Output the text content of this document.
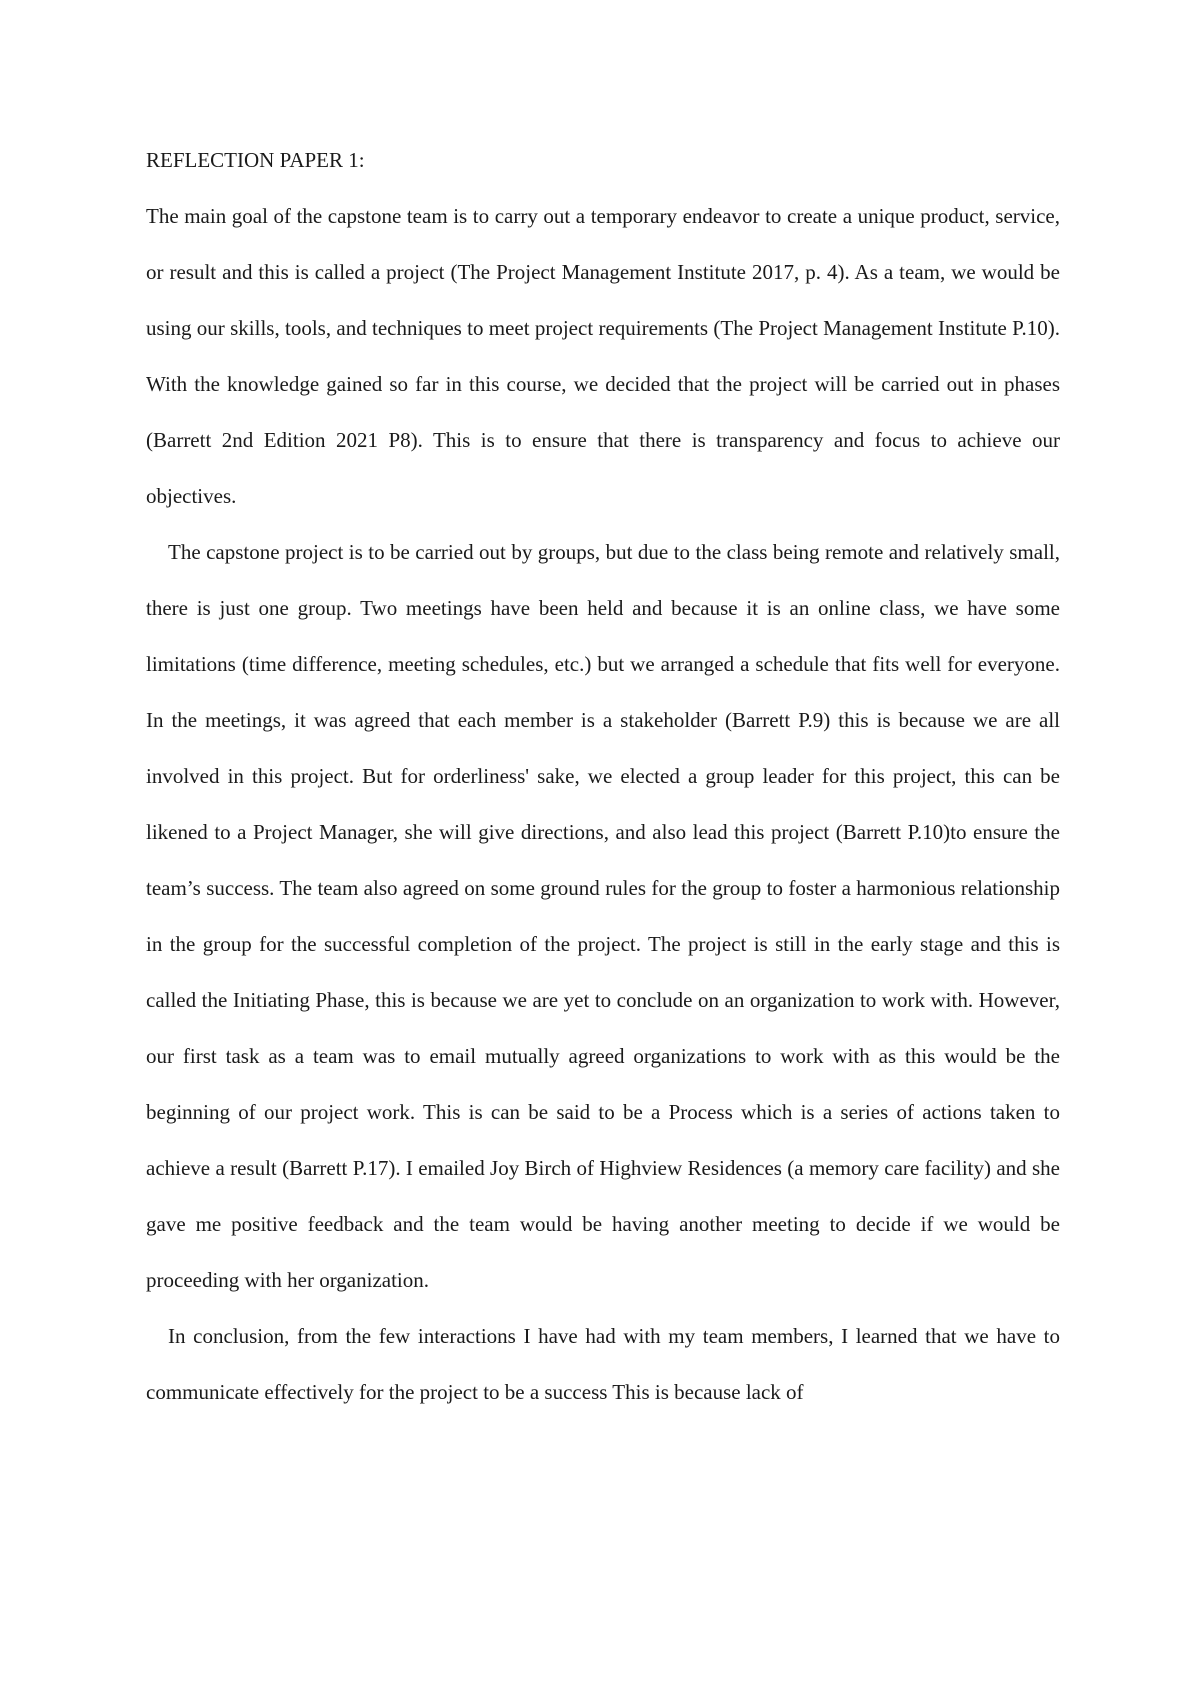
REFLECTION PAPER 1:

The main goal of the capstone team is to carry out a temporary endeavor to create a unique product, service, or result and this is called a project (The Project Management Institute 2017, p. 4). As a team, we would be using our skills, tools, and techniques to meet project requirements (The Project Management Institute P.10). With the knowledge gained so far in this course, we decided that the project will be carried out in phases (Barrett 2nd Edition 2021 P8). This is to ensure that there is transparency and focus to achieve our objectives.

The capstone project is to be carried out by groups, but due to the class being remote and relatively small, there is just one group. Two meetings have been held and because it is an online class, we have some limitations (time difference, meeting schedules, etc.) but we arranged a schedule that fits well for everyone. In the meetings, it was agreed that each member is a stakeholder (Barrett P.9) this is because we are all involved in this project. But for orderliness' sake, we elected a group leader for this project, this can be likened to a Project Manager, she will give directions, and also lead this project (Barrett P.10)to ensure the team’s success. The team also agreed on some ground rules for the group to foster a harmonious relationship in the group for the successful completion of the project. The project is still in the early stage and this is called the Initiating Phase, this is because we are yet to conclude on an organization to work with. However, our first task as a team was to email mutually agreed organizations to work with as this would be the beginning of our project work. This is can be said to be a Process which is a series of actions taken to achieve a result (Barrett P.17). I emailed Joy Birch of Highview Residences (a memory care facility) and she gave me positive feedback and the team would be having another meeting to decide if we would be proceeding with her organization.

In conclusion, from the few interactions I have had with my team members, I learned that we have to communicate effectively for the project to be a success This is because lack of
